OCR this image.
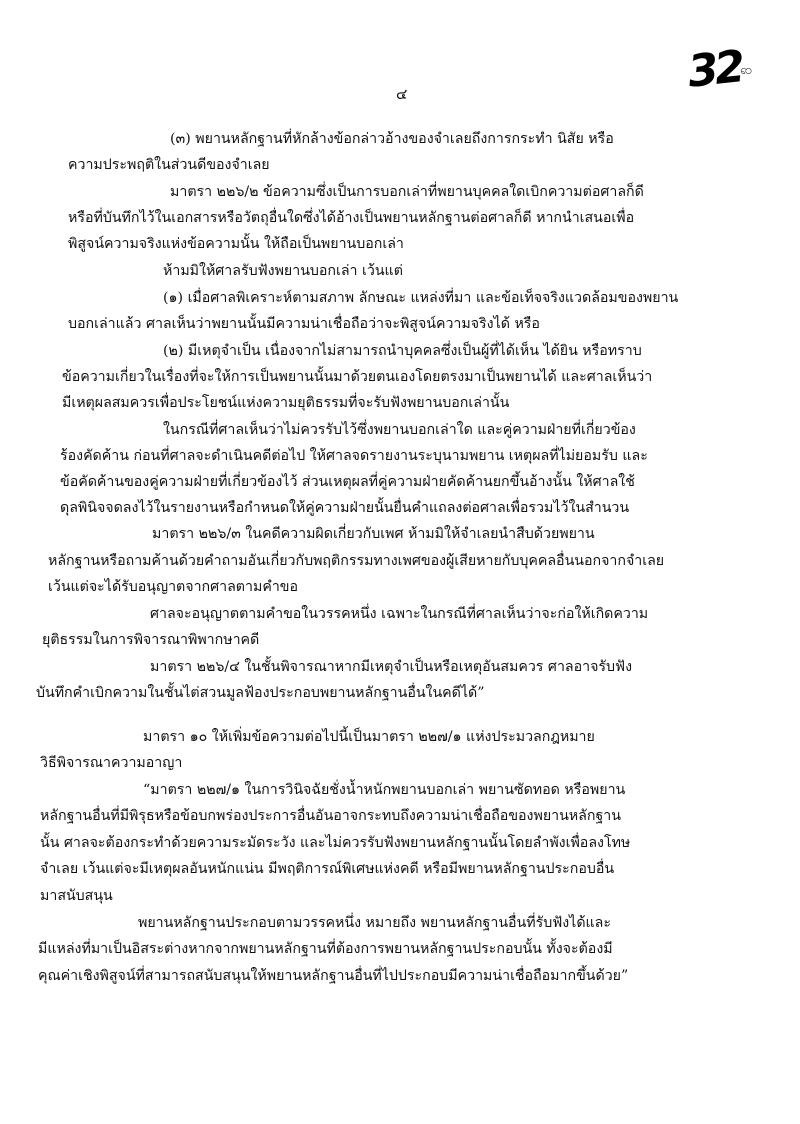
32
ၹ
๔
(๓) พยานหลักฐานที่หักล้างข้อกล่าวอ้างของจำเลยถึงการกระทำ นิสัย หรือ
ความประพฤติในส่วนดีของจำเลย
มาตรา ๒๒๖/๒ ข้อความซึ่งเป็นการบอกเล่าที่พยานบุคคลใดเบิกความต่อศาลก็ดี
หรือที่บันทึกไว้ในเอกสารหรือวัตถุอื่นใดซึ่งได้อ้างเป็นพยานหลักฐานต่อศาลก็ดี หากนำเสนอเพื่อ
พิสูจน์ความจริงแห่งข้อความนั้น ให้ถือเป็นพยานบอกเล่า
ห้ามมิให้ศาลรับฟังพยานบอกเล่า เว้นแต่
(๑) เมื่อศาลพิเคราะห์ตามสภาพ ลักษณะ แหล่งที่มา และข้อเท็จจริงแวดล้อมของพยาน
บอกเล่าแล้ว ศาลเห็นว่าพยานนั้นมีความน่าเชื่อถือว่าจะพิสูจน์ความจริงได้ หรือ
(๒) มีเหตุจำเป็น เนื่องจากไม่สามารถนำบุคคลซึ่งเป็นผู้ที่ได้เห็น ได้ยิน หรือทราบ
ข้อความเกี่ยวในเรื่องที่จะให้การเป็นพยานนั้นมาด้วยตนเองโดยตรงมาเป็นพยานได้ และศาลเห็นว่า
มีเหตุผลสมควรเพื่อประโยชน์แห่งความยุติธรรมที่จะรับฟังพยานบอกเล่านั้น
ในกรณีที่ศาลเห็นว่าไม่ควรรับไว้ซึ่งพยานบอกเล่าใด และคู่ความฝ่ายที่เกี่ยวข้อง
ร้องคัดค้าน ก่อนที่ศาลจะดำเนินคดีต่อไป ให้ศาลจดรายงานระบุนามพยาน เหตุผลที่ไม่ยอมรับ และ
ข้อคัดค้านของคู่ความฝ่ายที่เกี่ยวข้องไว้ ส่วนเหตุผลที่คู่ความฝ่ายคัดค้านยกขึ้นอ้างนั้น ให้ศาลใช้
ดุลพินิจจดลงไว้ในรายงานหรือกำหนดให้คู่ความฝ่ายนั้นยื่นคำแถลงต่อศาลเพื่อรวมไว้ในสำนวน
มาตรา ๒๒๖/๓ ในคดีความผิดเกี่ยวกับเพศ ห้ามมิให้จำเลยนำสืบด้วยพยาน
หลักฐานหรือถามค้านด้วยคำถามอันเกี่ยวกับพฤติกรรมทางเพศของผู้เสียหายกับบุคคลอื่นนอกจากจำเลย
เว้นแต่จะได้รับอนุญาตจากศาลตามคำขอ
ศาลจะอนุญาตตามคำขอในวรรคหนึ่ง เฉพาะในกรณีที่ศาลเห็นว่าจะก่อให้เกิดความ
ยุติธรรมในการพิจารณาพิพากษาคดี
มาตรา ๒๒๖/๔ ในชั้นพิจารณาหากมีเหตุจำเป็นหรือเหตุอันสมควร ศาลอาจรับฟัง
บันทึกคำเบิกความในชั้นไต่สวนมูลฟ้องประกอบพยานหลักฐานอื่นในคดีได้”
มาตรา ๑๐ ให้เพิ่มข้อความต่อไปนี้เป็นมาตรา ๒๒๗/๑ แห่งประมวลกฎหมาย
วิธีพิจารณาความอาญา
“มาตรา ๒๒๗/๑ ในการวินิจฉัยชั่งน้ำหนักพยานบอกเล่า พยานซัดทอด หรือพยาน
หลักฐานอื่นที่มีพิรุธหรือข้อบกพร่องประการอื่นอันอาจกระทบถึงความน่าเชื่อถือของพยานหลักฐาน
นั้น ศาลจะต้องกระทำด้วยความระมัดระวัง และไม่ควรรับฟังพยานหลักฐานนั้นโดยลำพังเพื่อลงโทษ
จำเลย เว้นแต่จะมีเหตุผลอันหนักแน่น มีพฤติการณ์พิเศษแห่งคดี หรือมีพยานหลักฐานประกอบอื่น
มาสนับสนุน
พยานหลักฐานประกอบตามวรรคหนึ่ง หมายถึง พยานหลักฐานอื่นที่รับฟังได้และ
มีแหล่งที่มาเป็นอิสระต่างหากจากพยานหลักฐานที่ต้องการพยานหลักฐานประกอบนั้น ทั้งจะต้องมี
คุณค่าเชิงพิสูจน์ที่สามารถสนับสนุนให้พยานหลักฐานอื่นที่ไปประกอบมีความน่าเชื่อถือมากขึ้นด้วย”
